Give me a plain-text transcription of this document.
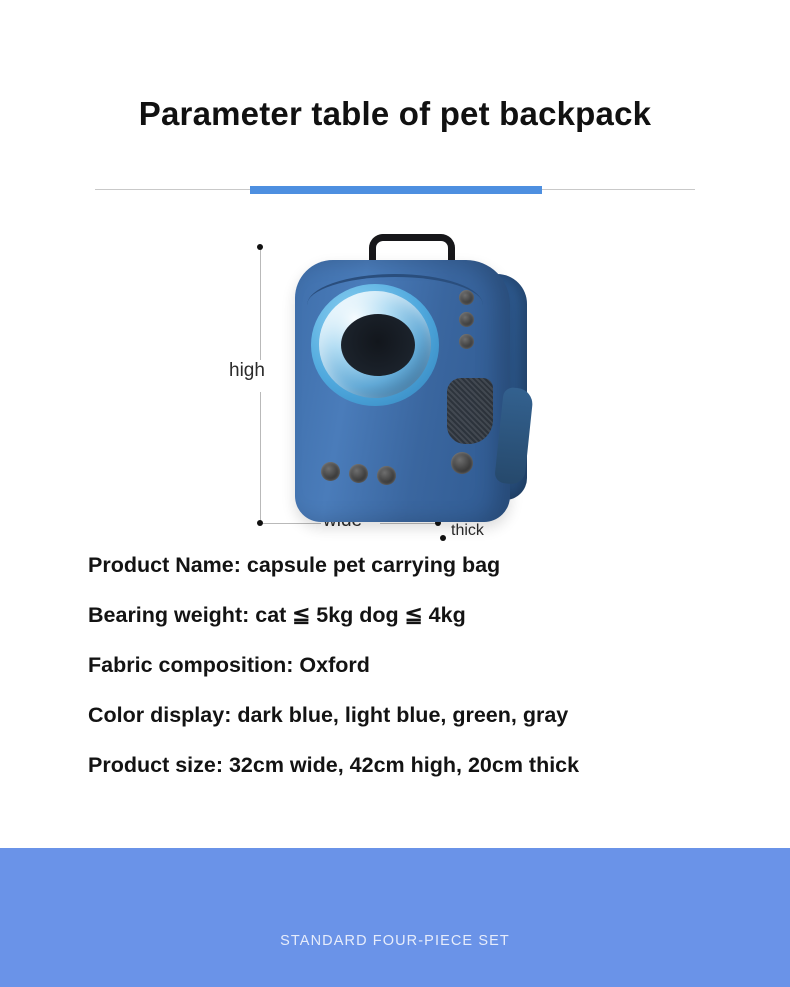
Parameter table of pet backpack
high
thick
Product Name: capsule pet carrying bag
Bearing weight: cat ≦ 5kg dog ≦ 4kg
Fabric composition: Oxford
Color display: dark blue, light blue, green, gray
Product size: 32cm wide, 42cm high, 20cm thick
STANDARD FOUR-PIECE SET
